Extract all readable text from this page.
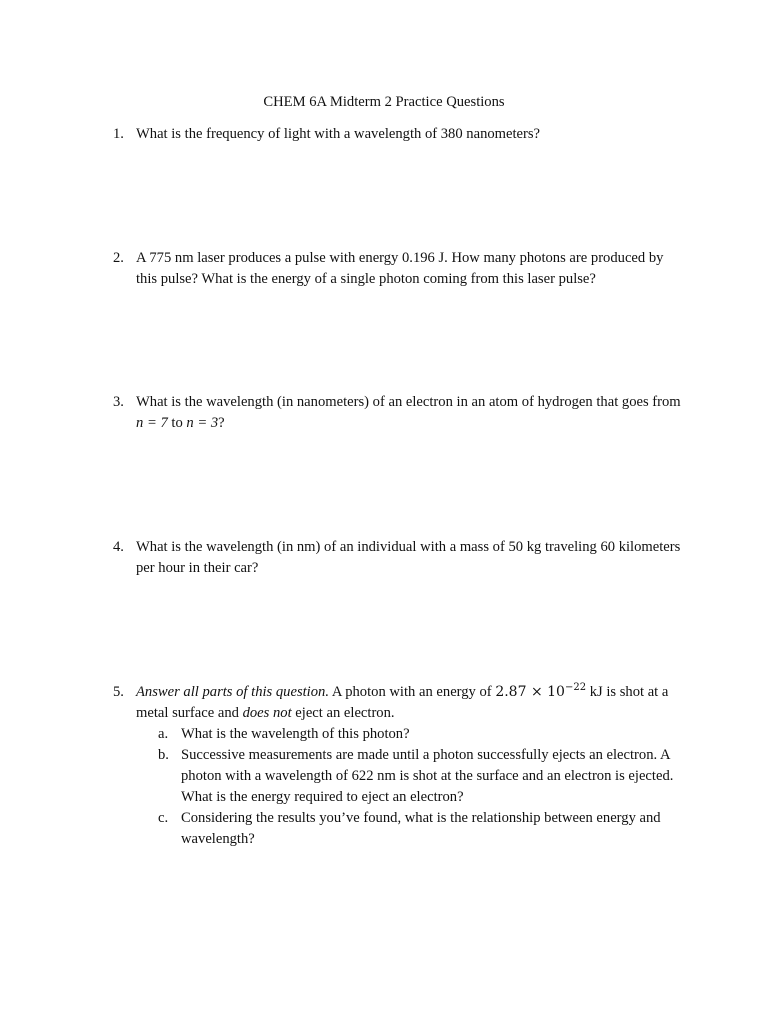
CHEM 6A Midterm 2 Practice Questions
1. What is the frequency of light with a wavelength of 380 nanometers?
2. A 775 nm laser produces a pulse with energy 0.196 J. How many photons are produced by this pulse? What is the energy of a single photon coming from this laser pulse?
3. What is the wavelength (in nanometers) of an electron in an atom of hydrogen that goes from n = 7 to n = 3?
4. What is the wavelength (in nm) of an individual with a mass of 50 kg traveling 60 kilometers per hour in their car?
5. Answer all parts of this question. A photon with an energy of $2.87 \times 10^{-22}$ kJ is shot at a metal surface and does not eject an electron.
a. What is the wavelength of this photon?
b. Successive measurements are made until a photon successfully ejects an electron. A photon with a wavelength of 622 nm is shot at the surface and an electron is ejected. What is the energy required to eject an electron?
c. Considering the results you’ve found, what is the relationship between energy and wavelength?
